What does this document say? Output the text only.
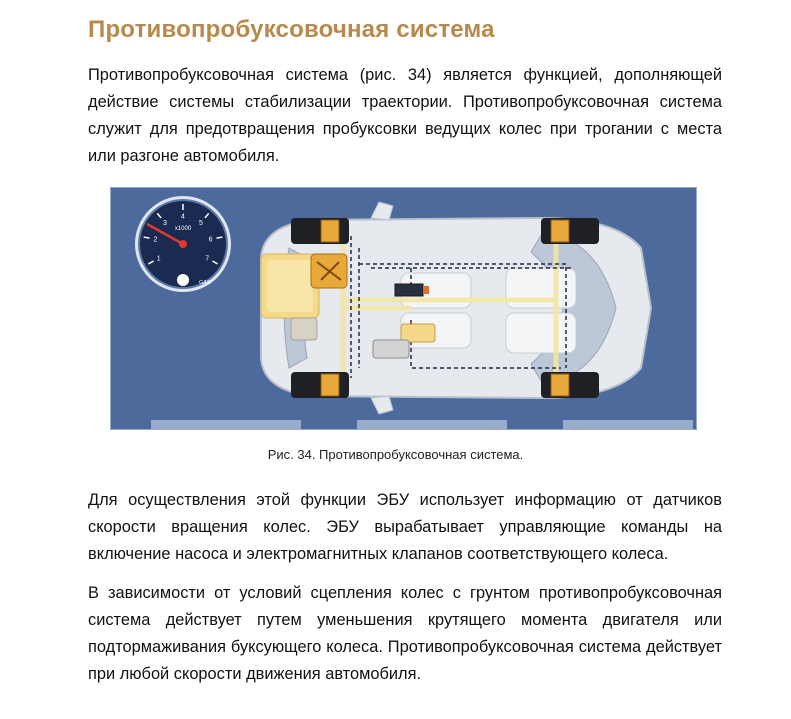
Противопробуксовочная система
Противопробуксовочная система (рис. 34) является функцией, дополняющей действие системы стабилизации траектории. Противопробуксовочная система служит для предотвращения пробуксовки ведущих колес при трогании с места или разгоне автомобиля.
1
2
3
4
5
6
7
x1000
GAS
Рис. 34. Противопробуксовочная система.
Для осуществления этой функции ЭБУ использует информацию от датчиков скорости вращения колес. ЭБУ вырабатывает управляющие команды на включение насоса и электромагнитных клапанов соответствующего колеса.
В зависимости от условий сцепления колес с грунтом противопробуксовочная система действует путем уменьшения крутящего момента двигателя или подтормаживания буксующего колеса. Противопробуксовочная система действует при любой скорости движения автомобиля.
